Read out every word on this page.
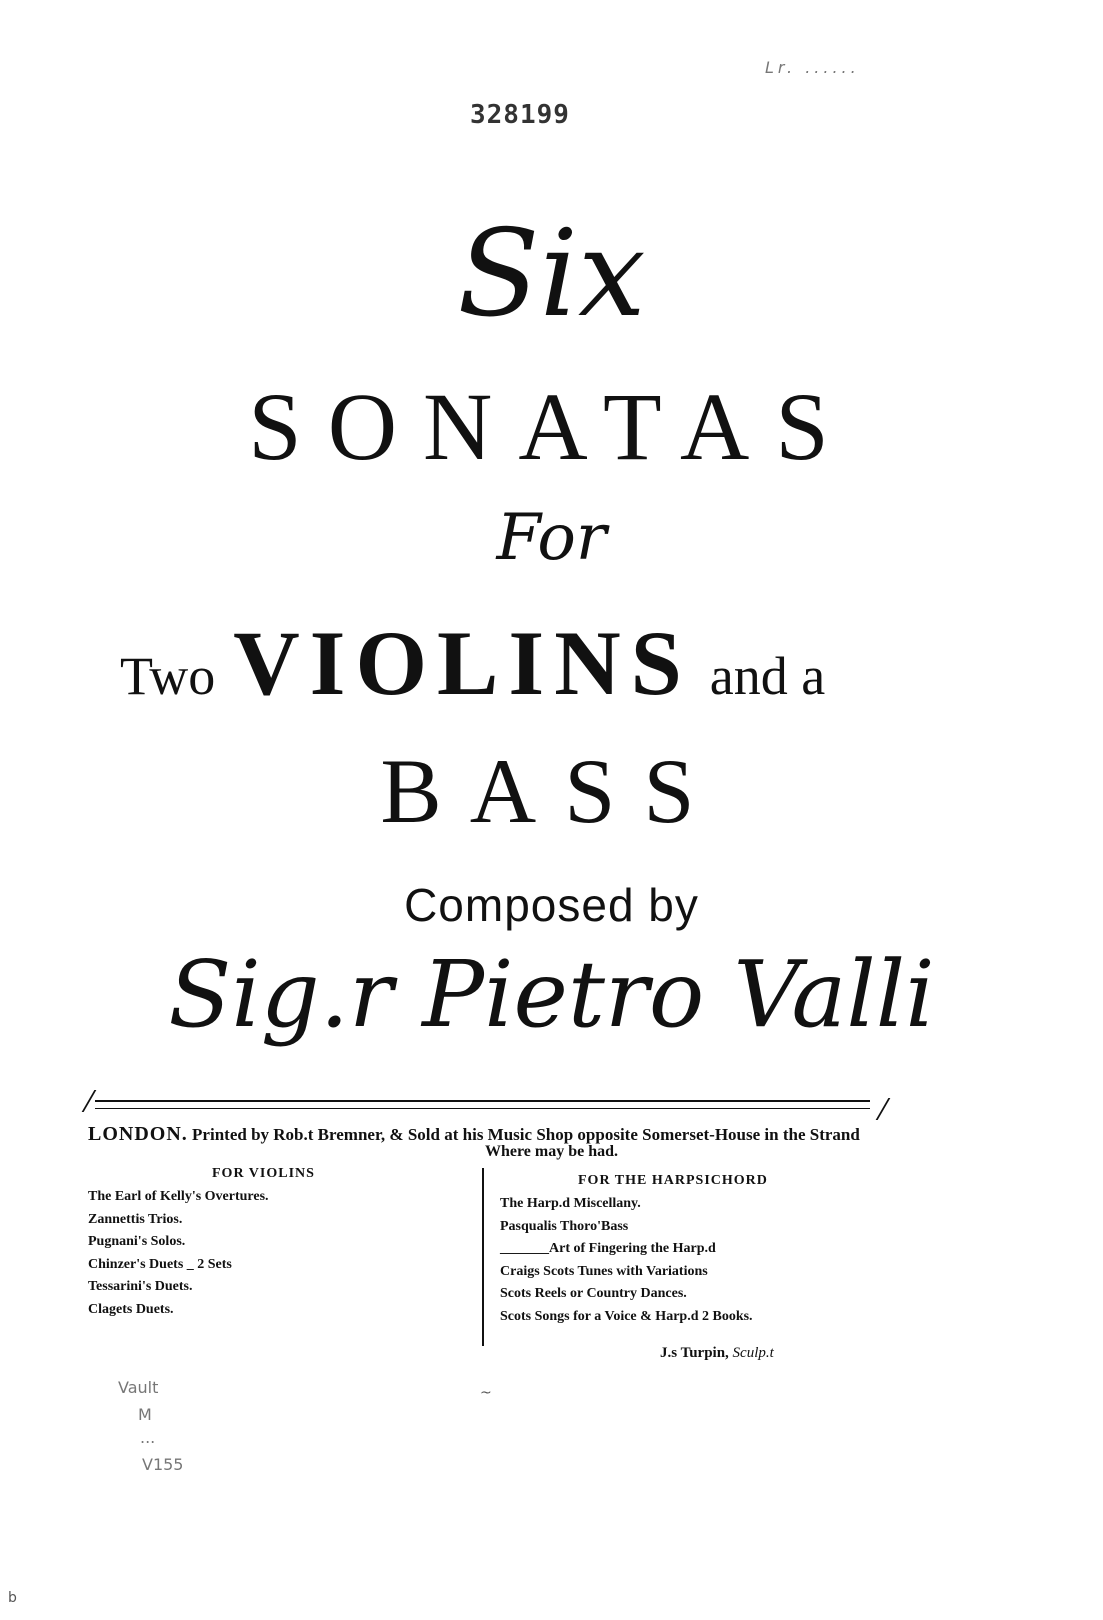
Lr. ......
328199
Six
SONATAS
For
Two VIOLINS and a
BASS
Composed by
Sig.r Pietro Valli
LONDON. Printed by Rob.t Bremner, & Sold at his Music Shop opposite Somerset-House in the Strand
Where may be had.
FOR VIOLINS
The Earl of Kelly's Overtures.
Zannettis Trios.
Pugnani's Solos.
Chinzer's Duets _ 2 Sets
Tessarini's Duets.
Clagets Duets.
FOR THE HARPSICHORD
The Harp.d Miscellany.
Pasqualis Thoro'Bass
_______Art of Fingering the Harp.d
Craigs Scots Tunes with Variations
Scots Reels or Country Dances.
Scots Songs for a Voice & Harp.d 2 Books.
J.s Turpin, Sculp.t
Vault
M
...
V155
~
b
